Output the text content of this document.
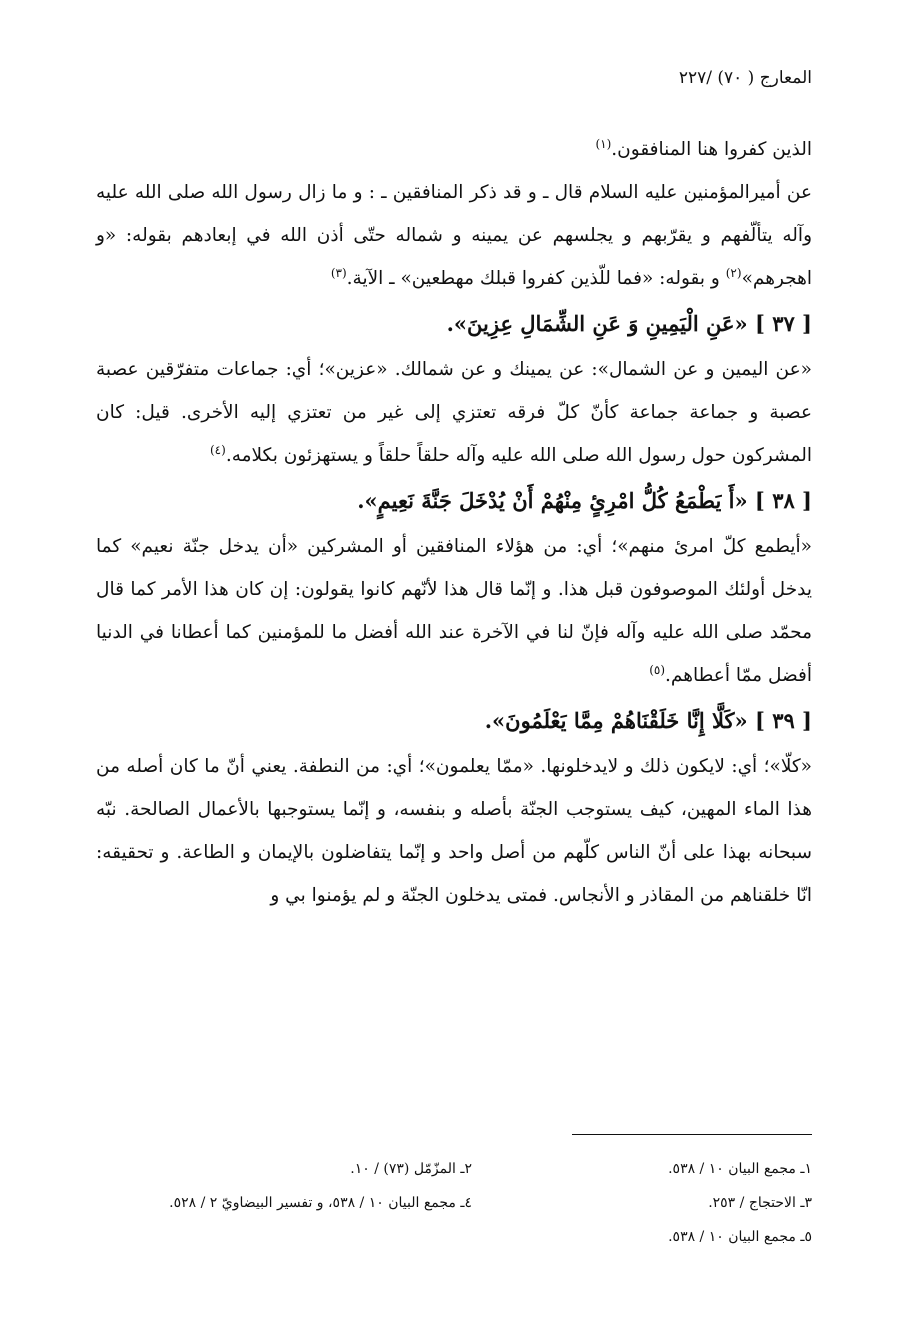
المعارج ( ٧٠) /٢٢٧

الذين كفروا هنا المنافقون.$^{(١)}$

عن أميرالمؤمنين عليه السلام قال ـ و قد ذكر المنافقين ـ : و ما زال رسول الله صلى الله عليه وآله يتألّفهم و يقرّبهم و يجلسهم عن يمينه و شماله حتّى أذن الله في إبعادهم بقوله: «و اهجرهم»$^{(٢)}$ و بقوله: «فما للّذين كفروا قبلك مهطعين» ـ الآية.$^{(٣)}$

[ ٣٧ ] «عَنِ الْيَمِينِ وَ عَنِ الشِّمَالِ عِزِينَ».

«عن اليمين و عن الشمال»: عن يمينك و عن شمالك. «عزين»؛ أي: جماعات متفرّقين عصبة عصبة و جماعة جماعة كأنّ كلّ فرقه تعتزي إلى غير من تعتزي إليه الأخرى. قيل: كان المشركون حول رسول الله صلى الله عليه وآله حلقاً حلقاً و يستهزئون بكلامه.$^{(٤)}$

[ ٣٨ ] «أَ يَطْمَعُ كُلُّ امْرِئٍ مِنْهُمْ أَنْ يُدْخَلَ جَنَّةَ نَعِيمٍ».

«أيطمع كلّ امرئ منهم»؛ أي: من هؤلاء المنافقين أو المشركين «أن يدخل جنّة نعيم» كما يدخل أولئك الموصوفون قبل هذا. و إنّما قال هذا لأنّهم كانوا يقولون: إن كان هذا الأمر كما قال محمّد صلى الله عليه وآله فإنّ لنا في الآخرة عند الله أفضل ما للمؤمنين كما أعطانا في الدنيا أفضل ممّا أعطاهم.$^{(٥)}$

[ ٣٩ ] «كَلَّا إِنَّا خَلَقْنَاهُمْ مِمَّا يَعْلَمُونَ».

«كلّا»؛ أي: لايكون ذلك و لايدخلونها. «ممّا يعلمون»؛ أي: من النطفة. يعني أنّ ما كان أصله من هذا الماء المهين، كيف يستوجب الجنّة بأصله و بنفسه، و إنّما يستوجبها بالأعمال الصالحة. نبّه سبحانه بهذا على أنّ الناس كلّهم من أصل واحد و إنّما يتفاضلون بالإيمان و الطاعة. و تحقيقه: انّا خلقناهم من المقاذر و الأنجاس. فمتى يدخلون الجنّة و لم يؤمنوا بي و

١ـ مجمع البيان ١٠ / ٥٣٨.
٢ـ المزّمّل (٧٣) / ١٠.
٣ـ الاحتجاج / ٢٥٣.
٤ـ مجمع البيان ١٠ / ٥٣٨، و تفسير البيضاويّ ٢ / ٥٢٨.
٥ـ مجمع البيان ١٠ / ٥٣٨.
